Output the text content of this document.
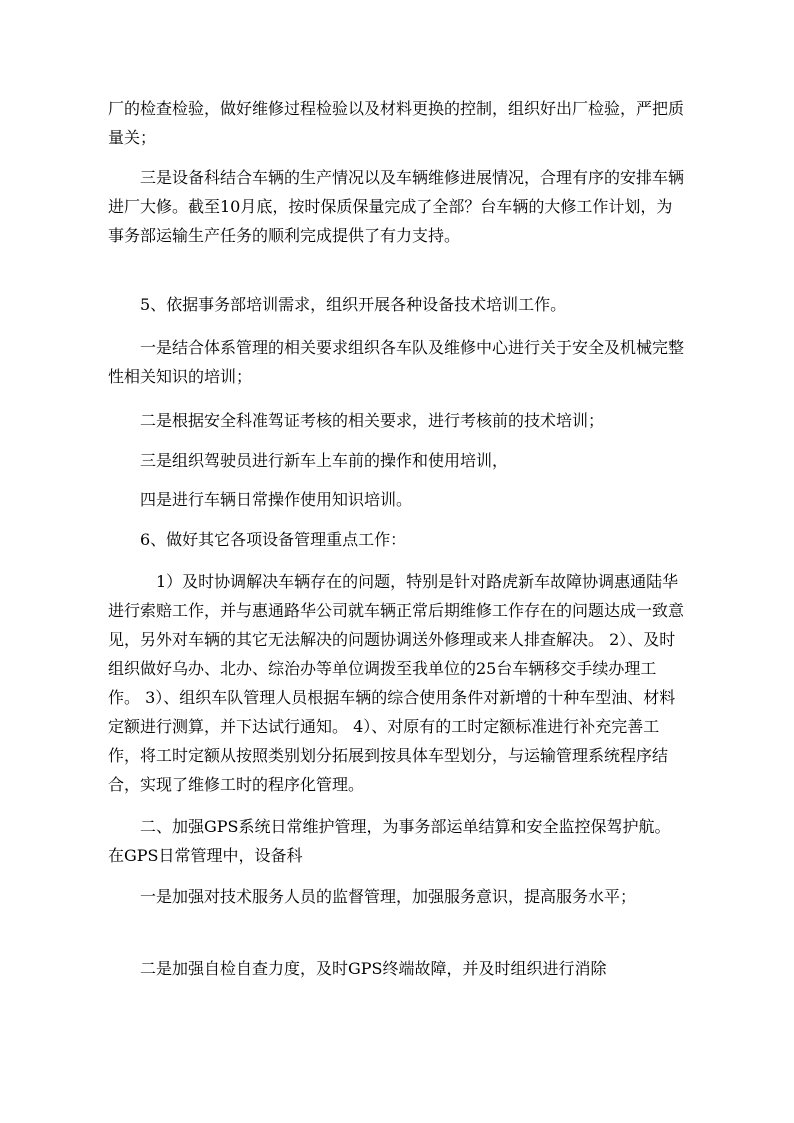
厂的检查检验，做好维修过程检验以及材料更换的控制，组织好出厂检验，严把质量关；

三是设备科结合车辆的生产情况以及车辆维修进展情况，合理有序的安排车辆进厂大修。截至10月底，按时保质保量完成了全部？台车辆的大修工作计划，为事务部运输生产任务的顺利完成提供了有力支持。

5、依据事务部培训需求，组织开展各种设备技术培训工作。

一是结合体系管理的相关要求组织各车队及维修中心进行关于安全及机械完整性相关知识的培训；

二是根据安全科准驾证考核的相关要求，进行考核前的技术培训；

三是组织驾驶员进行新车上车前的操作和使用培训，

四是进行车辆日常操作使用知识培训。

6、做好其它各项设备管理重点工作：

1）及时协调解决车辆存在的问题，特别是针对路虎新车故障协调惠通陆华进行索赔工作，并与惠通路华公司就车辆正常后期维修工作存在的问题达成一致意见，另外对车辆的其它无法解决的问题协调送外修理或来人排查解决。 2）、及时组织做好乌办、北办、综治办等单位调拨至我单位的25台车辆移交手续办理工作。 3）、组织车队管理人员根据车辆的综合使用条件对新增的十种车型油、材料定额进行测算，并下达试行通知。 4）、对原有的工时定额标准进行补充完善工作，将工时定额从按照类别划分拓展到按具体车型划分，与运输管理系统程序结合，实现了维修工时的程序化管理。

二、加强GPS系统日常维护管理，为事务部运单结算和安全监控保驾护航。 在GPS日常管理中，设备科

一是加强对技术服务人员的监督管理，加强服务意识，提高服务水平；

二是加强自检自查力度，及时GPS终端故障，并及时组织进行消除
